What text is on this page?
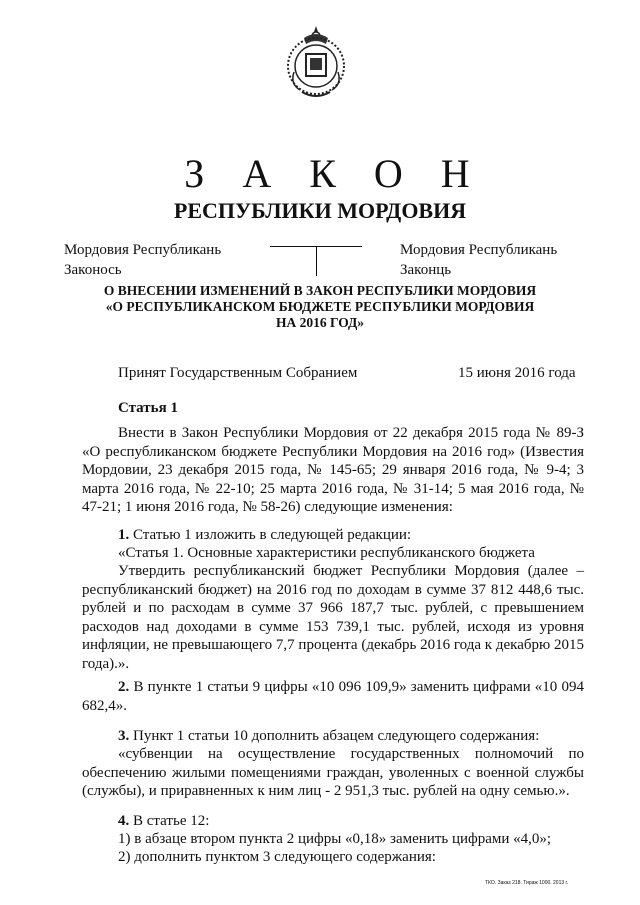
З А К О Н
РЕСПУБЛИКИ МОРДОВИЯ
Мордовия Республикань
Законось
Мордовия Республикань
Законць
О ВНЕСЕНИИ ИЗМЕНЕНИЙ В ЗАКОН РЕСПУБЛИКИ МОРДОВИЯ
«О РЕСПУБЛИКАНСКОМ БЮДЖЕТЕ РЕСПУБЛИКИ МОРДОВИЯ
НА 2016 ГОД»
Принят Государственным Собранием	15 июня 2016 года
Статья 1
Внести в Закон Республики Мордовия от 22 декабря 2015 года № 89-З «О республиканском бюджете Республики Мордовия на 2016 год» (Известия Мордовии, 23 декабря 2015 года, № 145-65; 29 января 2016 года, № 9-4; 3 марта 2016 года, № 22-10; 25 марта 2016 года, № 31-14; 5 мая 2016 года, № 47-21; 1 июня 2016 года, № 58-26) следующие изменения:
1. Статью 1 изложить в следующей редакции:
«Статья 1. Основные характеристики республиканского бюджета
Утвердить республиканский бюджет Республики Мордовия (далее – республиканский бюджет) на 2016 год по доходам в сумме 37 812 448,6 тыс. рублей и по расходам в сумме 37 966 187,7 тыс. рублей, с превышением расходов над доходами в сумме 153 739,1 тыс. рублей, исходя из уровня инфляции, не превышающего 7,7 процента (декабрь 2016 года к декабрю 2015 года).».
2. В пункте 1 статьи 9 цифры «10 096 109,9» заменить цифрами «10 094 682,4».
3. Пункт 1 статьи 10 дополнить абзацем следующего содержания:
«субвенции на осуществление государственных полномочий по обеспечению жилыми помещениями граждан, уволенных с военной службы (службы), и приравненных к ним лиц - 2 951,3 тыс. рублей на одну семью.».
4. В статье 12:
1) в абзаце втором пункта 2 цифры «0,18» заменить цифрами «4,0»;
2) дополнить пунктом 3 следующего содержания:
ТКО. Заказ 218. Тираж 1000. 2013 г.
